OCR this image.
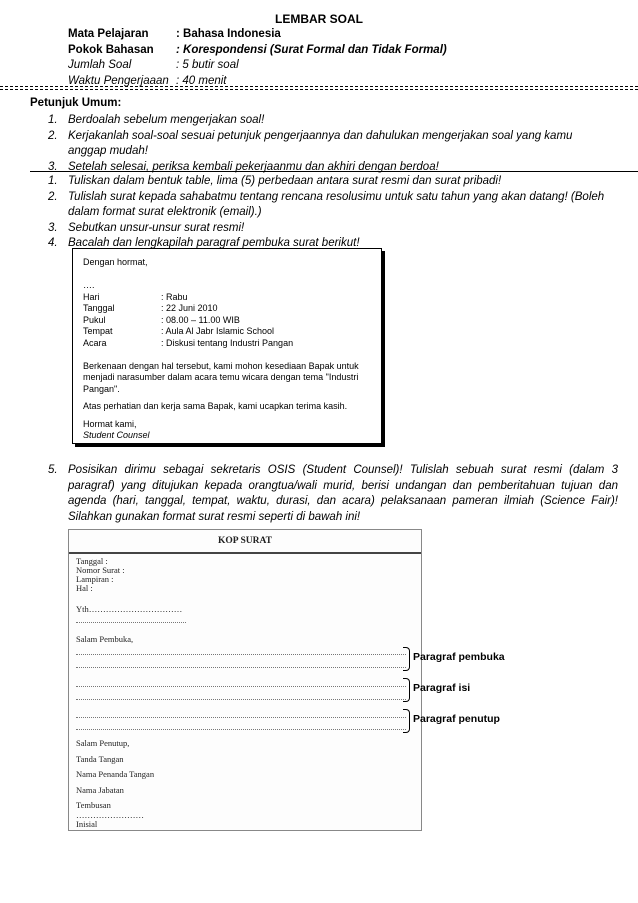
LEMBAR SOAL
Mata Pelajaran	: Bahasa Indonesia
Pokok Bahasan	: Korespondensi (Surat Formal dan Tidak Formal)
Jumlah Soal	: 5 butir soal
Waktu Pengerjaaan : 40 menit
Petunjuk Umum:
1. Berdoalah sebelum mengerjakan soal!
2. Kerjakanlah soal-soal sesuai petunjuk pengerjaannya dan dahulukan mengerjakan soal yang kamu anggap mudah!
3. Setelah selesai, periksa kembali pekerjaanmu dan akhiri dengan berdoa!
1. Tuliskan dalam bentuk table, lima (5) perbedaan antara surat resmi dan surat pribadi!
2. Tulislah surat kepada sahabatmu tentang rencana resolusimu untuk satu tahun yang akan datang! (Boleh dalam format surat elektronik (email).)
3. Sebutkan unsur-unsur surat resmi!
4. Bacalah dan lengkapilah paragraf pembuka surat berikut!

Dengan hormat,

….

Hari	: Rabu
Tanggal	: 22 Juni 2010
Pukul	: 08.00 – 11.00 WIB
Tempat	: Aula Al Jabr Islamic School
Acara	: Diskusi tentang Industri Pangan

Berkenaan dengan hal tersebut, kami mohon kesediaan Bapak untuk menjadi narasumber dalam acara temu wicara dengan tema "Industri Pangan".

Atas perhatian dan kerja sama Bapak, kami ucapkan terima kasih.

Hormat kami,

Student Counsel

5. Posisikan dirimu sebagai sekretaris OSIS (Student Counsel)! Tulislah sebuah surat resmi (dalam 3 paragraf) yang ditujukan kepada orangtua/wali murid, berisi undangan dan pemberitahuan tujuan dan agenda (hari, tanggal, tempat, waktu, durasi, dan acara) pelaksanaan pameran ilmiah (Science Fair)! Silahkan gunakan format surat resmi seperti di bawah ini!
KOP SURAT
Tanggal :
Nomor Surat :
Lampiran :
Hal :
Yth……………………………
Salam Pembuka,
Salam Penutup,
Tanda Tangan
Nama Penanda Tangan
Nama Jabatan
Tembusan
……………………
Inisial
Paragraf pembuka
Paragraf isi
Paragraf penutup
